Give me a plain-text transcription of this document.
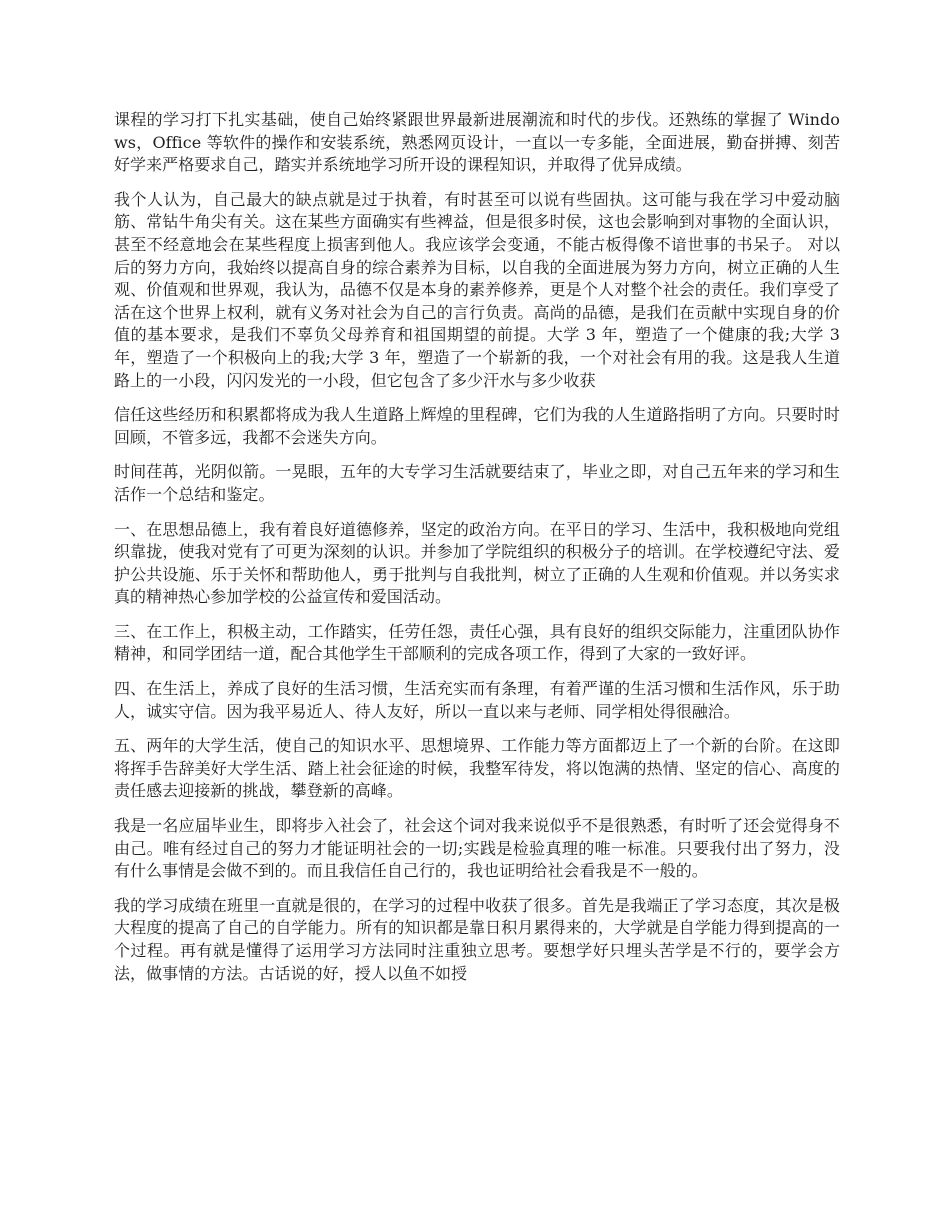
课程的学习打下扎实基础，使自己始终紧跟世界最新进展潮流和时代的步伐。还熟练的掌握了 Windows，Office 等软件的操作和安装系统，熟悉网页设计，一直以一专多能，全面进展，勤奋拼搏、刻苦好学来严格要求自己，踏实并系统地学习所开设的课程知识，并取得了优异成绩。

我个人认为，自己最大的缺点就是过于执着，有时甚至可以说有些固执。这可能与我在学习中爱动脑筋、常钻牛角尖有关。这在某些方面确实有些裨益，但是很多时侯，这也会影响到对事物的全面认识，甚至不经意地会在某些程度上损害到他人。我应该学会变通，不能古板得像不谙世事的书呆子。 对以后的努力方向，我始终以提高自身的综合素养为目标，以自我的全面进展为努力方向，树立正确的人生观、价值观和世界观，我认为，品德不仅是本身的素养修养，更是个人对整个社会的责任。我们享受了活在这个世界上权利，就有义务对社会为自己的言行负责。高尚的品德，是我们在贡献中实现自身的价值的基本要求，是我们不辜负父母养育和祖国期望的前提。大学 3 年，塑造了一个健康的我;大学 3 年，塑造了一个积极向上的我;大学 3 年，塑造了一个崭新的我，一个对社会有用的我。这是我人生道路上的一小段，闪闪发光的一小段，但它包含了多少汗水与多少收获

信任这些经历和积累都将成为我人生道路上辉煌的里程碑，它们为我的人生道路指明了方向。只要时时回顾，不管多远，我都不会迷失方向。

时间荏苒，光阴似箭。一晃眼，五年的大专学习生活就要结束了，毕业之即，对自己五年来的学习和生活作一个总结和鉴定。

一、在思想品德上，我有着良好道德修养，坚定的政治方向。在平日的学习、生活中，我积极地向党组织靠拢，使我对党有了可更为深刻的认识。并参加了学院组织的积极分子的培训。在学校遵纪守法、爱护公共设施、乐于关怀和帮助他人，勇于批判与自我批判，树立了正确的人生观和价值观。并以务实求真的精神热心参加学校的公益宣传和爱国活动。

三、在工作上，积极主动，工作踏实，任劳任怨，责任心强，具有良好的组织交际能力，注重团队协作精神，和同学团结一道，配合其他学生干部顺利的完成各项工作，得到了大家的一致好评。

四、在生活上，养成了良好的生活习惯，生活充实而有条理，有着严谨的生活习惯和生活作风，乐于助人，诚实守信。因为我平易近人、待人友好，所以一直以来与老师、同学相处得很融洽。

五、两年的大学生活，使自己的知识水平、思想境界、工作能力等方面都迈上了一个新的台阶。在这即将挥手告辞美好大学生活、踏上社会征途的时候，我整军待发，将以饱满的热情、坚定的信心、高度的责任感去迎接新的挑战，攀登新的高峰。

我是一名应届毕业生，即将步入社会了，社会这个词对我来说似乎不是很熟悉，有时听了还会觉得身不由己。唯有经过自己的努力才能证明社会的一切;实践是检验真理的唯一标准。只要我付出了努力，没有什么事情是会做不到的。而且我信任自己行的，我也证明给社会看我是不一般的。

我的学习成绩在班里一直就是很的，在学习的过程中收获了很多。首先是我端正了学习态度，其次是极大程度的提高了自己的自学能力。所有的知识都是靠日积月累得来的，大学就是自学能力得到提高的一个过程。再有就是懂得了运用学习方法同时注重独立思考。要想学好只埋头苦学是不行的，要学会方法，做事情的方法。古话说的好，授人以鱼不如授
